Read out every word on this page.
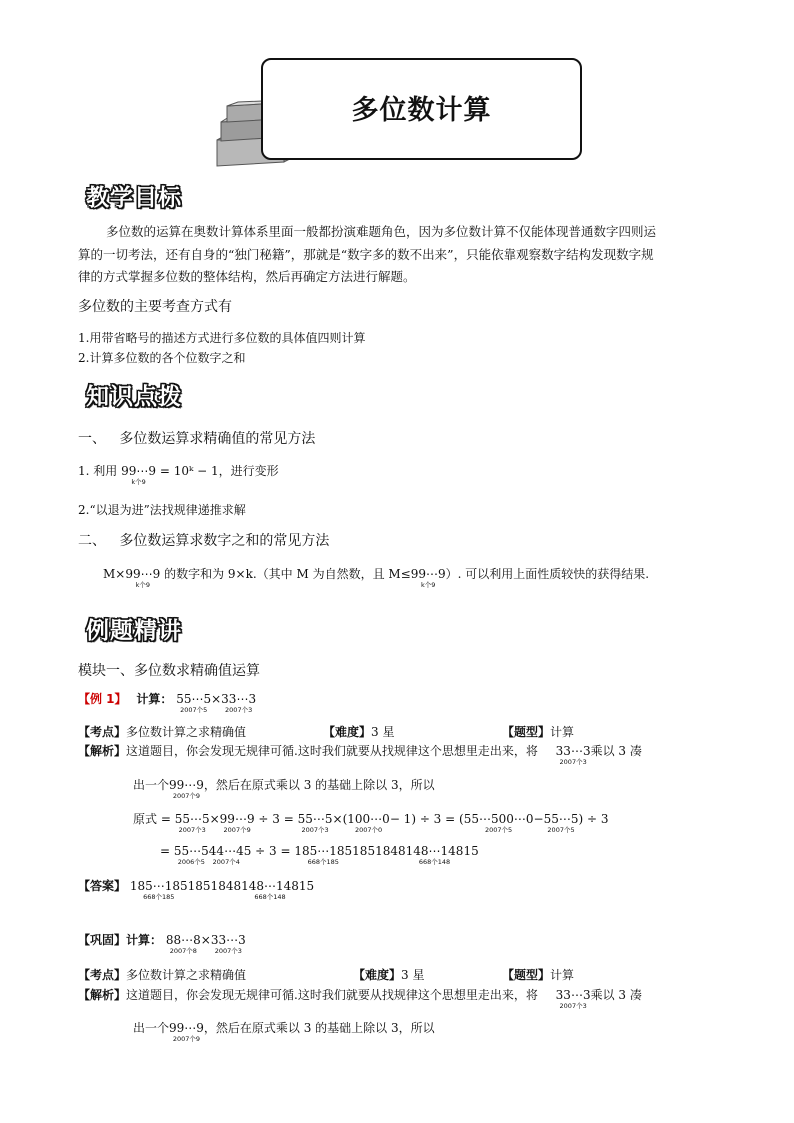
多位数计算
教学目标
多位数的运算在奥数计算体系里面一般都扮演难题角色，因为多位数计算不仅能体现普通数字四则运
算的一切考法，还有自身的“独门秘籍”，那就是“数字多的数不出来”，只能依靠观察数字结构发现数字规
律的方式掌握多位数的整体结构，然后再确定方法进行解题。
多位数的主要考查方式有
1.用带省略号的描述方式进行多位数的具体值四则计算
2.计算多位数的各个位数字之和
知识点拨
一、   多位数运算求精确值的常见方法
1. 利用 99⋯9
k个9
= 10ᵏ − 1，进行变形
2.“以退为进”法找规律递推求解
二、   多位数运算求数字之和的常见方法
M×99⋯9
k个9
的数字和为 9×k.（其中 M 为自然数，且 M≤99⋯9
k个9
）. 可以利用上面性质较快的获得结果.
例题精讲
模块一、多位数求精确值运算
【例 1】 计算： 55⋯5
2007个5
×33⋯3
2007个3
【考点】多位数计算之求精确值	【难度】3 星	【题型】计算
【解析】这道题目，你会发现无规律可循.这时我们就要从找规律这个思想里走出来，将 33⋯3
2007个3
乘以 3 凑
出一个99⋯9
2007个9
，然后在原式乘以 3 的基础上除以 3，所以
原式 = 55⋯5
2007个3
×99⋯9
2007个9
÷ 3 = 55⋯5
2007个3
×(100⋯0
2007个0
− 1) ÷ 3 = (55⋯500⋯0
2007个5
−55⋯5
2007个5
) ÷ 3
= 55⋯5
2006个5
44⋯4
2007个4
5 ÷ 3 = 185⋯185
668个185
1851848148⋯148
668个148
15
【答案】 185⋯185
668个185
1851848148⋯148
668个148
15
【巩固】计算： 88⋯8
2007个8
×33⋯3
2007个3
【考点】多位数计算之求精确值	【难度】3 星	【题型】计算
【解析】这道题目，你会发现无规律可循.这时我们就要从找规律这个思想里走出来，将 33⋯3
2007个3
乘以 3 凑
出一个99⋯9
2007个9
，然后在原式乘以 3 的基础上除以 3，所以
